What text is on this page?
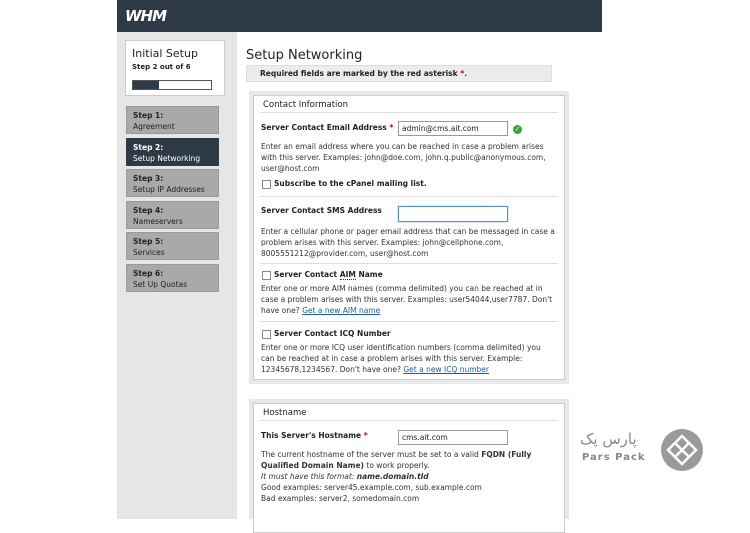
WHM
Initial Setup
Step 2 out of 6
Step 1:
Agreement
Step 2:
Setup Networking
Step 3:
Setup IP Addresses
Step 4:
Nameservers
Step 5:
Services
Step 6:
Set Up Quotas
Setup Networking
Required fields are marked by the red asterisk *.
Contact Information
Server Contact Email Address *
admin@cms.ait.com	✓
Enter an email address where you can be reached in case a problem arises
with this server. Examples: john@doe.com, john.q.public@anonymous.com,
user@host.com
Subscribe to the cPanel mailing list.
Server Contact SMS Address
Enter a cellular phone or pager email address that can be messaged in case a
problem arises with this server. Examples: john@cellphone.com,
8005551212@provider.com, user@host.com
Server Contact AIM Name
Enter one or more AIM names (comma delimited) you can be reached at in
case a problem arises with this server. Examples: user54044,user7787. Don't
have one? Get a new AIM name
Server Contact ICQ Number
Enter one or more ICQ user identification numbers (comma delimited) you
can be reached at in case a problem arises with this server. Example:
12345678,1234567. Don't have one? Get a new ICQ number
Hostname
This Server's Hostname *
cms.ait.com
The current hostname of the server must be set to a valid FQDN (Fully
Qualified Domain Name) to work properly.
It must have this format: name.domain.tld
Good examples: server45.example.com, sub.example.com
Bad examples: server2, somedomain.com
پارس پک
Pars Pack
